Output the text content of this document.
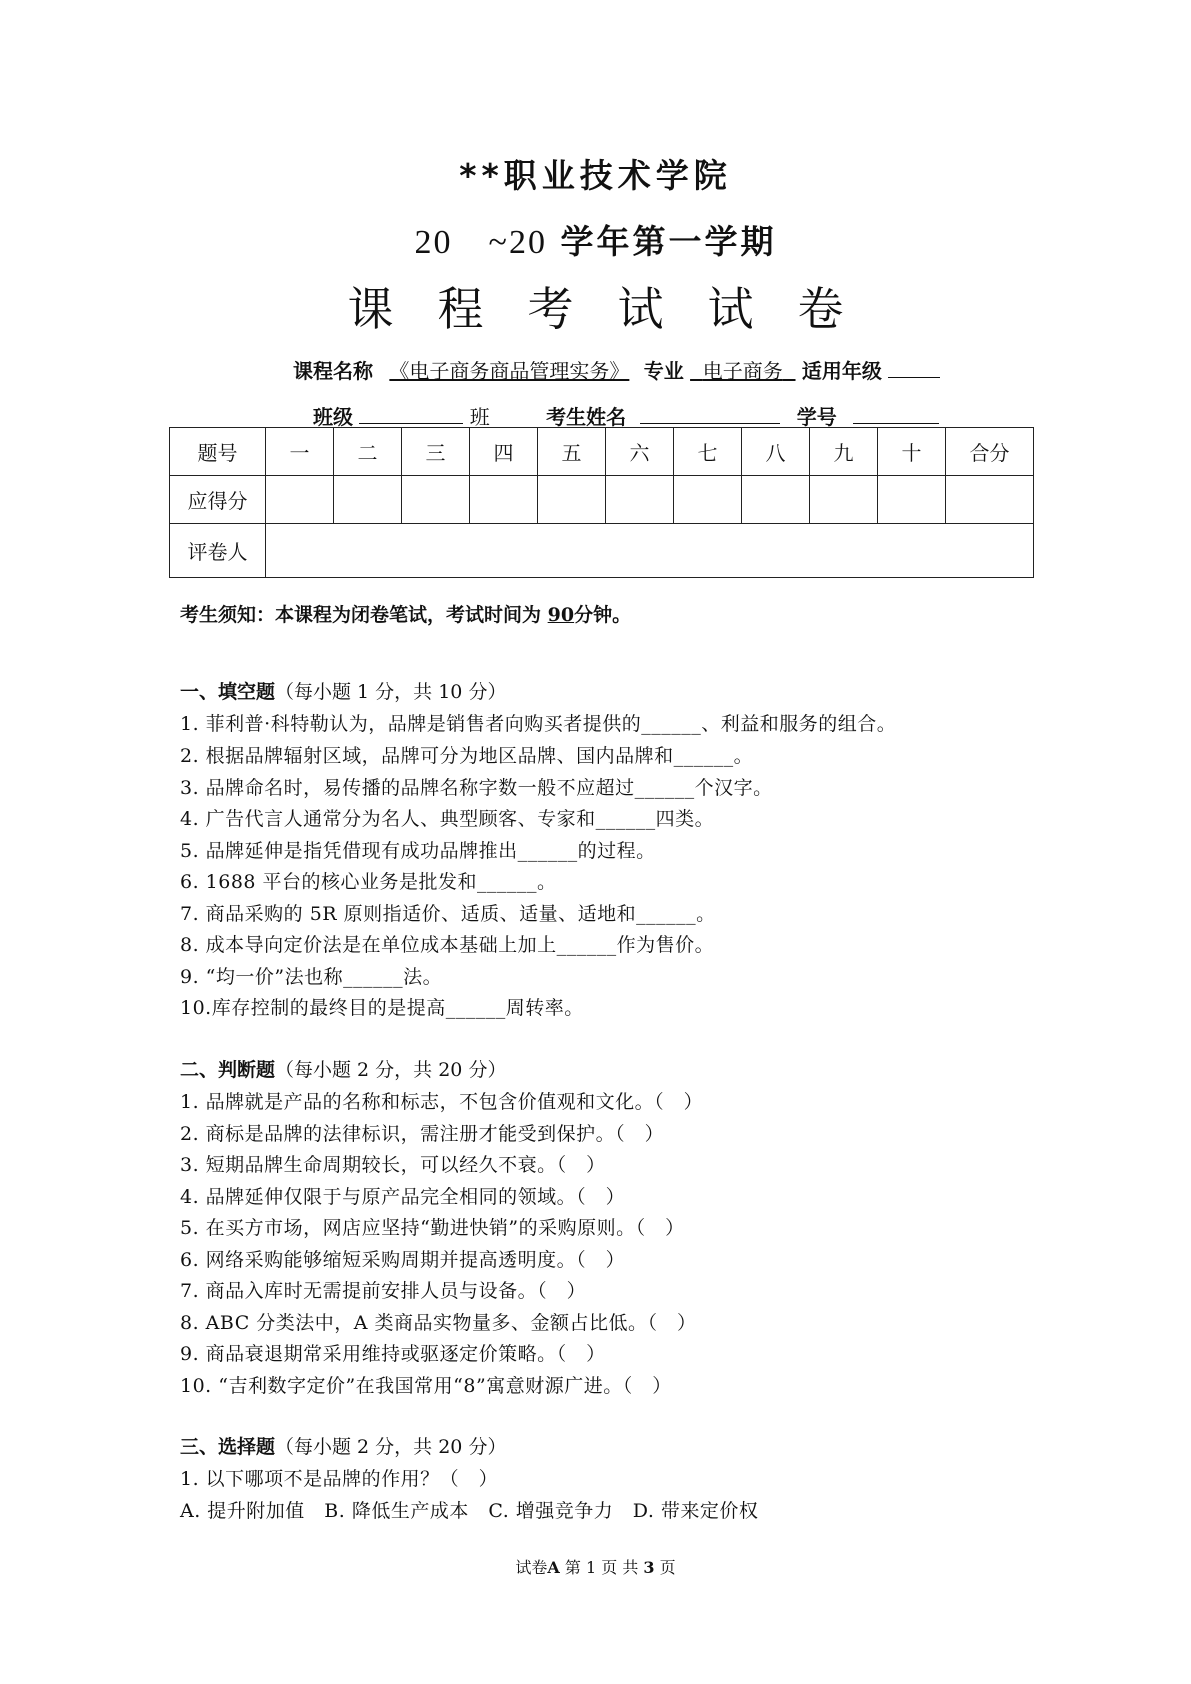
**职业技术学院
20　~20 学年第一学期
课程考试试卷
课程名称 《电子商务商品管理实务》 专业 电子商务 适用年级
班级	班	考生姓名	学号
题号	一	二	三	四	五	六	七	八	九	十	合分
应得分											
评卷人											
考生须知：本课程为闭卷笔试，考试时间为 90分钟。
一、填空题（每小题 1 分，共 10 分）
1. 菲利普·科特勒认为，品牌是销售者向购买者提供的______、利益和服务的组合。
2. 根据品牌辐射区域，品牌可分为地区品牌、国内品牌和______。
3. 品牌命名时，易传播的品牌名称字数一般不应超过______个汉字。
4. 广告代言人通常分为名人、典型顾客、专家和______四类。
5. 品牌延伸是指凭借现有成功品牌推出______的过程。
6. 1688 平台的核心业务是批发和______。
7. 商品采购的 5R 原则指适价、适质、适量、适地和______。
8. 成本导向定价法是在单位成本基础上加上______作为售价。
9. “均一价”法也称______法。
10.库存控制的最终目的是提高______周转率。
二、判断题（每小题 2 分，共 20 分）
1. 品牌就是产品的名称和标志，不包含价值观和文化。（　）
2. 商标是品牌的法律标识，需注册才能受到保护。（　）
3. 短期品牌生命周期较长，可以经久不衰。（　）
4. 品牌延伸仅限于与原产品完全相同的领域。（　）
5. 在买方市场，网店应坚持“勤进快销”的采购原则。（　）
6. 网络采购能够缩短采购周期并提高透明度。（　）
7. 商品入库时无需提前安排人员与设备。（　）
8. ABC 分类法中，A 类商品实物量多、金额占比低。（　）
9. 商品衰退期常采用维持或驱逐定价策略。（　）
10. “吉利数字定价”在我国常用“8”寓意财源广进。（　）
三、选择题（每小题 2 分，共 20 分）
1. 以下哪项不是品牌的作用？（　）
A. 提升附加值　B. 降低生产成本　C. 增强竞争力　D. 带来定价权
试卷A 第 1 页 共 3 页
